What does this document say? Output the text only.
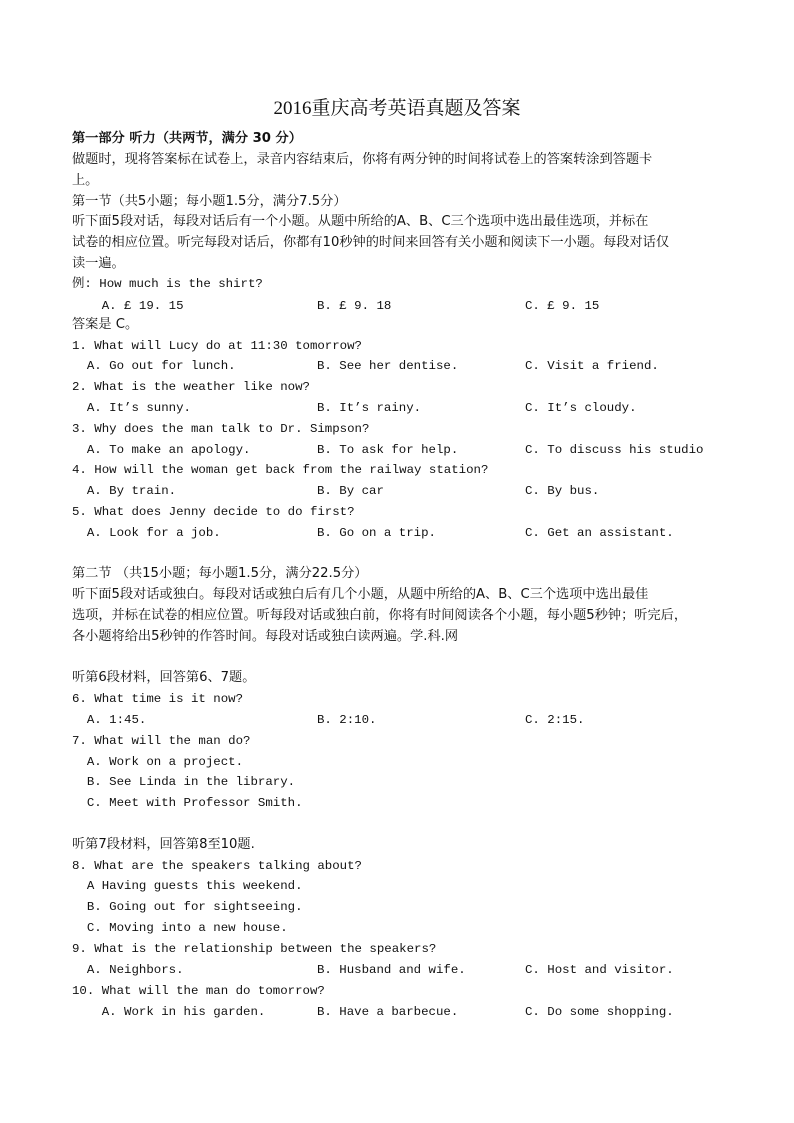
2016重庆高考英语真题及答案
第一部分 听力（共两节，满分 30 分）
做题时，现将答案标在试卷上，录音内容结束后，你将有两分钟的时间将试卷上的答案转涂到答题卡
上。
第一节（共5小题；每小题1.5分，满分7.5分）
听下面5段对话，每段对话后有一个小题。从题中所给的A、B、C三个选项中选出最佳选项，并标在
试卷的相应位置。听完每段对话后，你都有10秒钟的时间来回答有关小题和阅读下一小题。每段对话仅
读一遍。
例: How much is the shirt?
A. £ 19. 15	B. £ 9. 18	C. £ 9. 15
答案是 C。
1. What will Lucy do at 11:30 tomorrow?
A. Go out for lunch.	B. See her dentise.	C. Visit a friend.
2. What is the weather like now?
A. It’s sunny.	B. It’s rainy.	C. It’s cloudy.
3. Why does the man talk to Dr. Simpson?
A. To make an apology.	B. To ask for help.	C. To discuss his studio
4. How will the woman get back from the railway station?
A. By train.	B. By car	C. By bus.
5. What does Jenny decide to do first?
A. Look for a job.	B. Go on a trip.	C. Get an assistant.
第二节 （共15小题；每小题1.5分，满分22.5分）
听下面5段对话或独白。每段对话或独白后有几个小题，从题中所给的A、B、C三个选项中选出最佳
选项，并标在试卷的相应位置。听每段对话或独白前，你将有时间阅读各个小题，每小题5秒钟；听完后，
各小题将给出5秒钟的作答时间。每段对话或独白读两遍。学.科.网
听第6段材料，回答第6、7题。
6. What time is it now?
A. 1:45.	B. 2:10.	C. 2:15.
7. What will the man do?
A. Work on a project.
B. See Linda in the library.
C. Meet with Professor Smith.
听第7段材料，回答第8至10题.
8. What are the speakers talking about?
A Having guests this weekend.
B. Going out for sightseeing.
C. Moving into a new house.
9. What is the relationship between the speakers?
A. Neighbors.	B. Husband and wife.	C. Host and visitor.
10. What will the man do tomorrow?
A. Work in his garden.	B. Have a barbecue.	C. Do some shopping.
